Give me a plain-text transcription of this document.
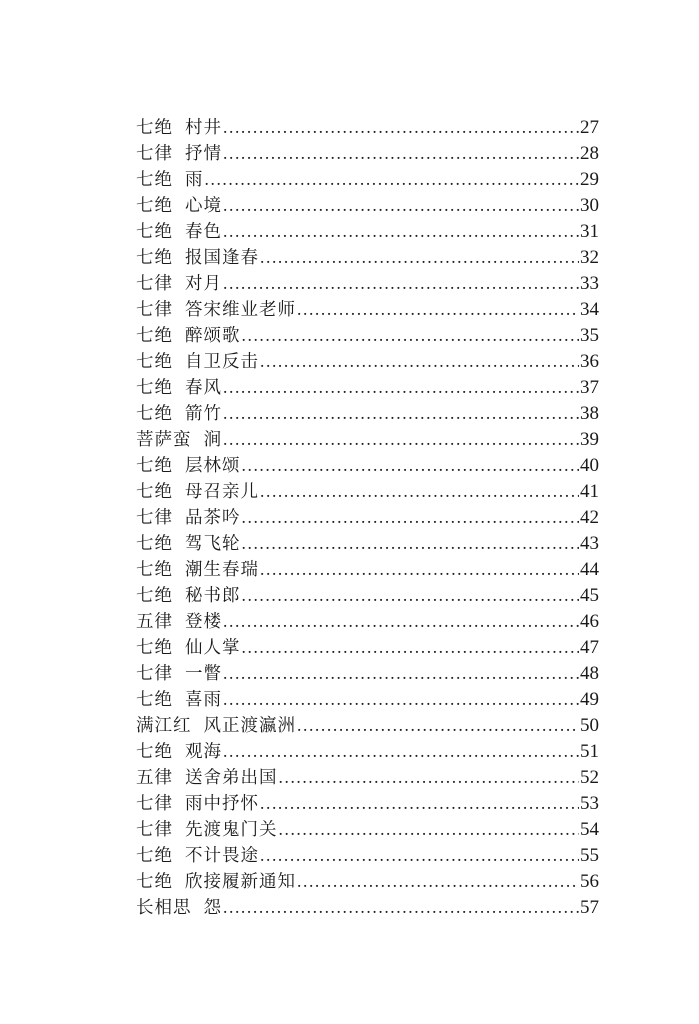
七绝 村井 .....	27
七律 抒情 .....	28
七绝 雨 .....	29
七绝 心境 .....	30
七绝 春色 .....	31
七绝 报国逢春 .....	32
七律 对月 .....	33
七律 答宋维业老师 .....	34
七绝 醉颂歌 .....	35
七绝 自卫反击 .....	36
七绝 春风 .....	37
七绝 箭竹 .....	38
菩萨蛮 涧 .....	39
七绝 层林颂 .....	40
七绝 母召亲儿 .....	41
七律 品茶吟 .....	42
七绝 驾飞轮 .....	43
七绝 潮生春瑞 .....	44
七绝 秘书郎 .....	45
五律 登楼 .....	46
七绝 仙人掌 .....	47
七律 一瞥 .....	48
七绝 喜雨 .....	49
满江红 风正渡瀛洲 .....	50
七绝 观海 .....	51
五律 送舍弟出国 .....	52
七律 雨中抒怀 .....	53
七律 先渡鬼门关 .....	54
七绝 不计畏途 .....	55
七绝 欣接履新通知 .....	56
长相思 怨 .....	57
